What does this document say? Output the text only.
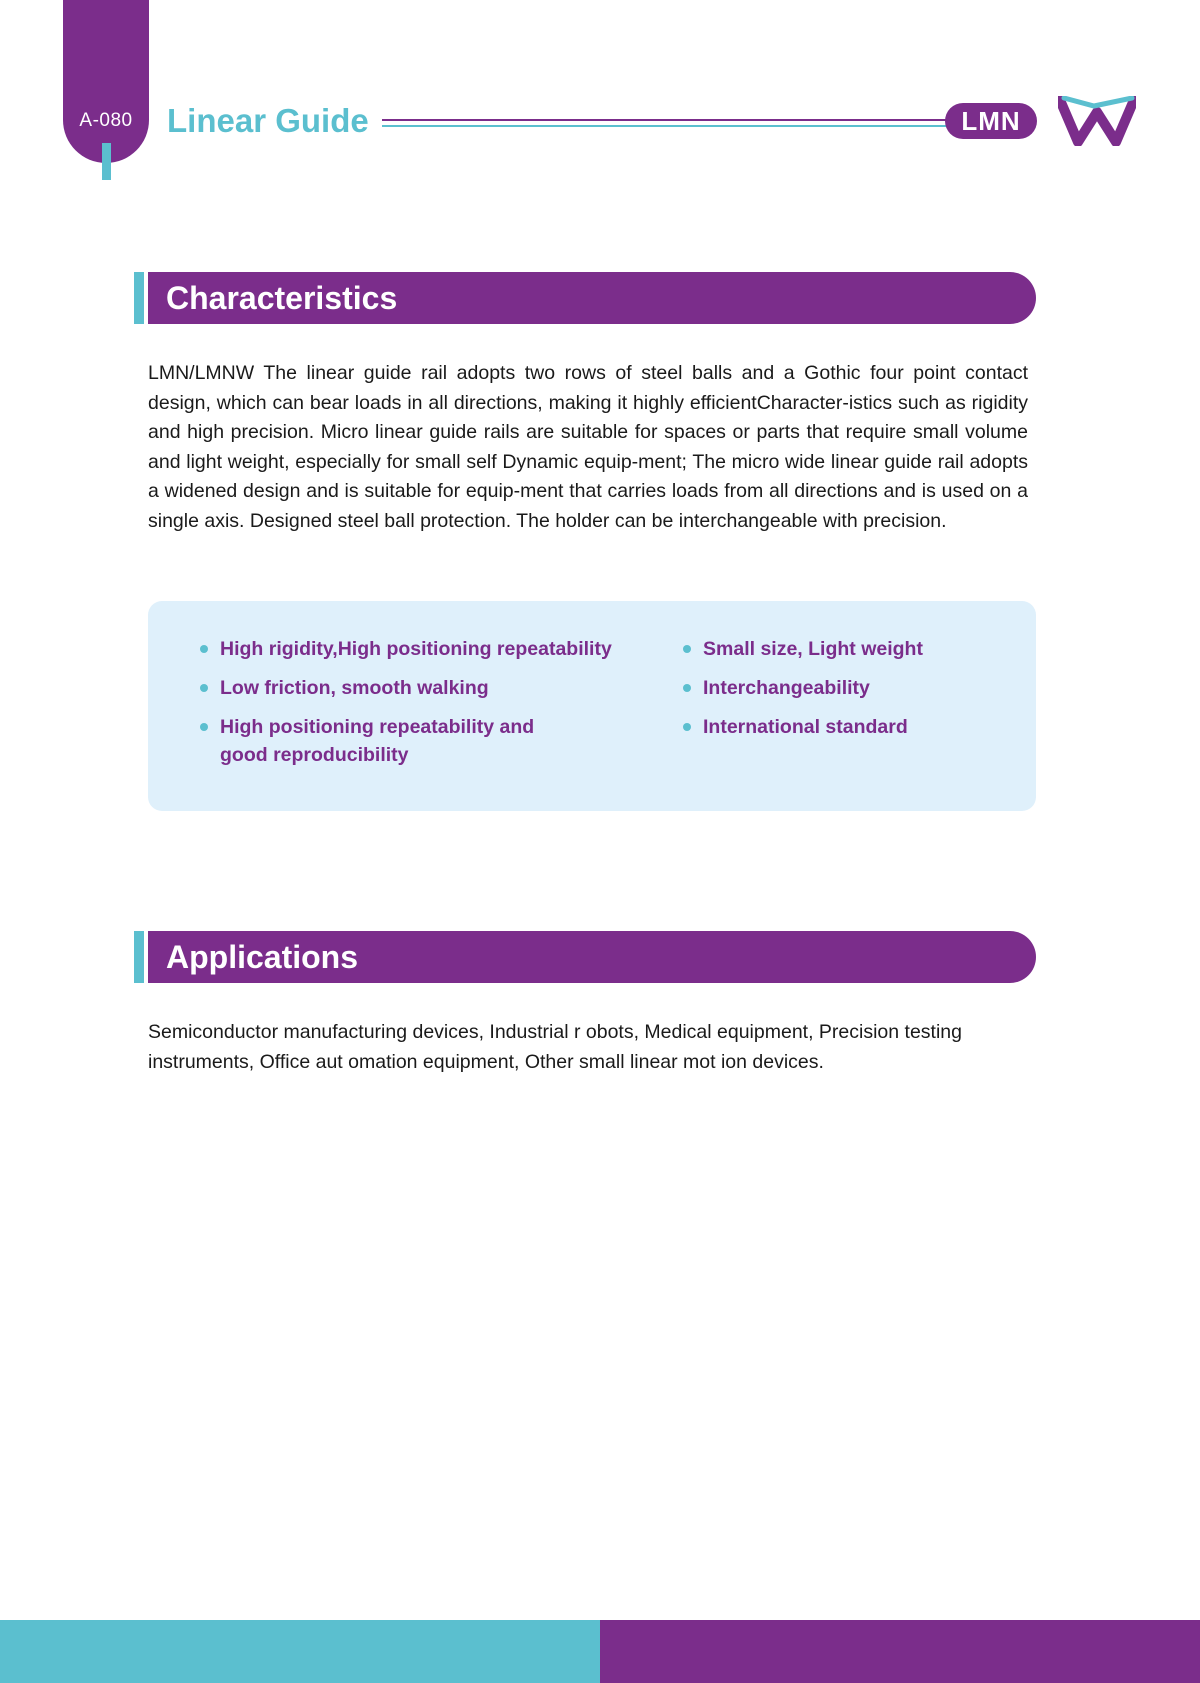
A-080	Linear Guide	LMN
Characteristics

LMN/LMNW The linear guide rail adopts two rows of steel balls and a Gothic four point contact design, which can bear loads in all directions, making it highly efficientCharacter-istics such as rigidity and high precision. Micro linear guide rails are suitable for spaces or parts that require small volume and light weight, especially for small self Dynamic equip-ment; The micro wide linear guide rail adopts a widened design and is suitable for equip-ment that carries loads from all directions and is used on a single axis. Designed steel ball protection. The holder can be interchangeable with precision.

High rigidity,High positioning repeatability
Low friction, smooth walking
High positioning repeatability and good reproducibility
Small size, Light weight
Interchangeability
International standard
Applications

Semiconductor manufacturing devices, Industrial r obots, Medical equipment, Precision testing instruments, Office aut omation equipment, Other small linear mot ion devices.
